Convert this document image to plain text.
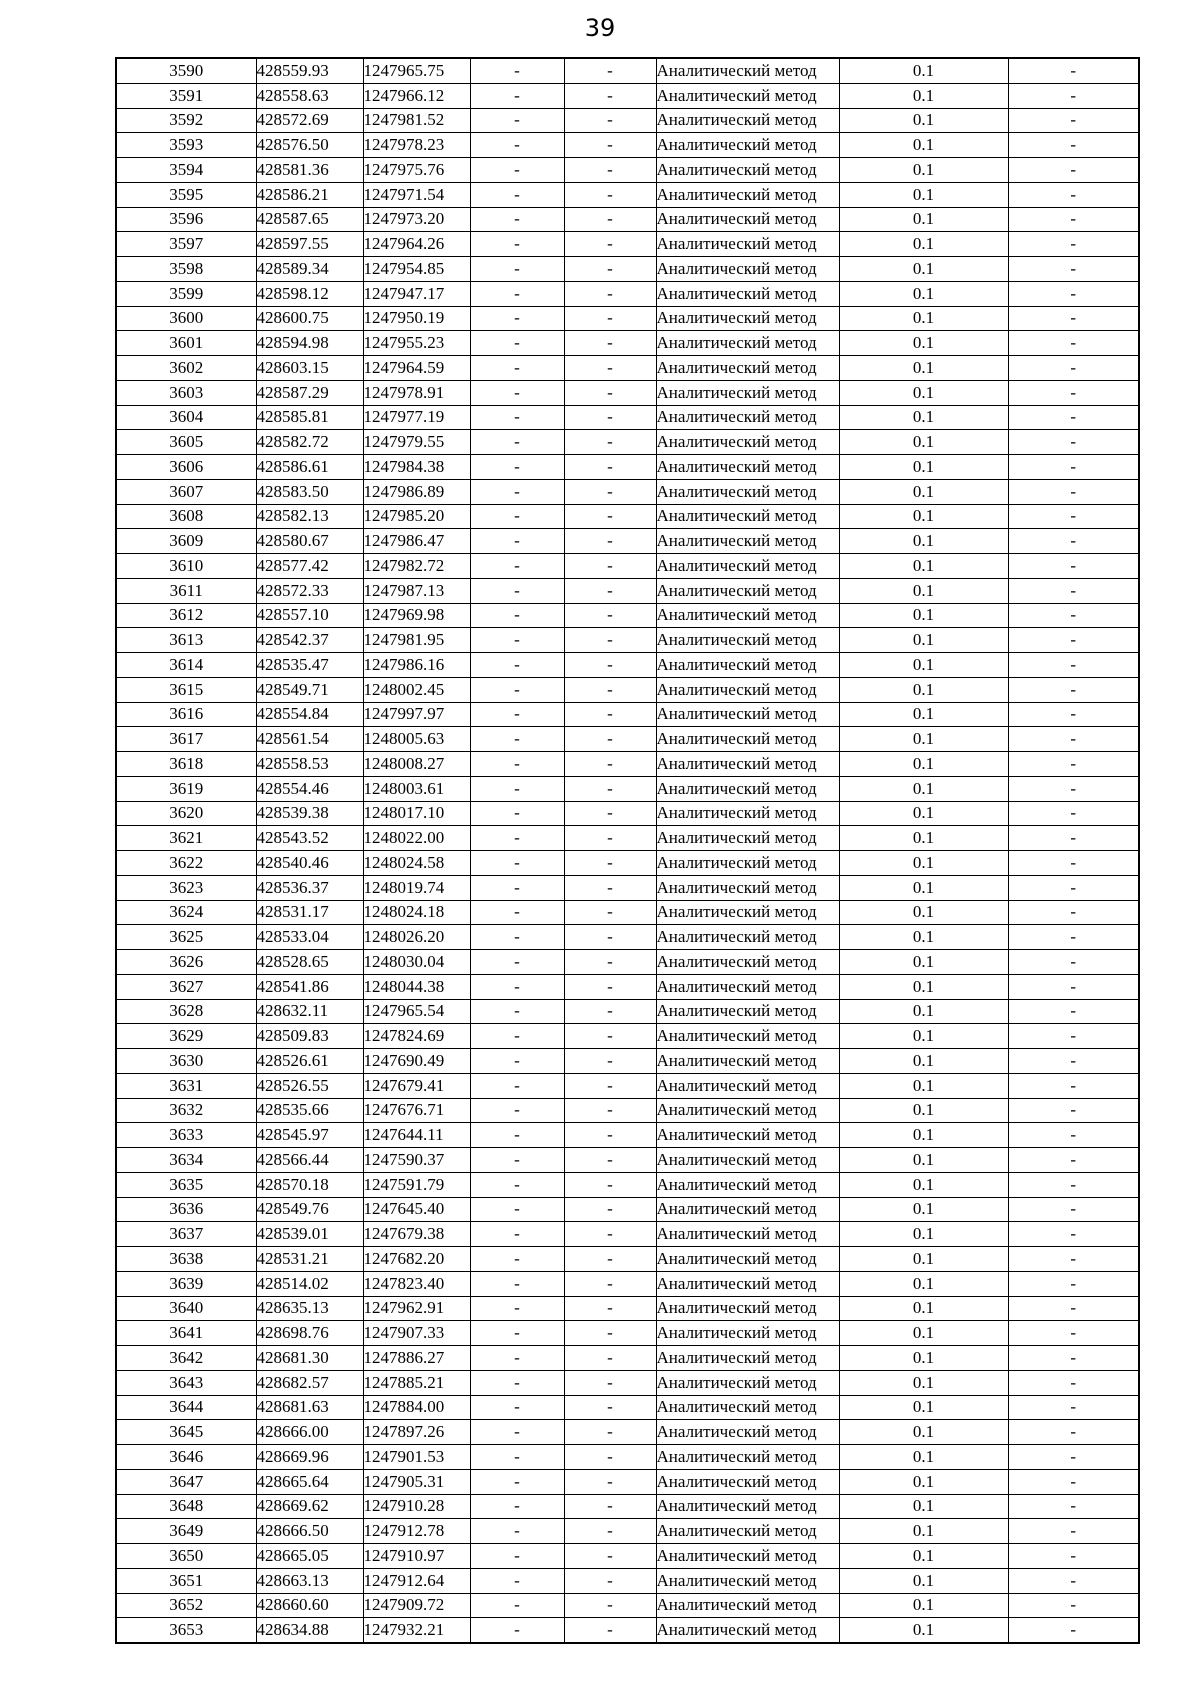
39
3590	428559.93	1247965.75	-	-	Аналитический метод	0.1	-
3591	428558.63	1247966.12	-	-	Аналитический метод	0.1	-
3592	428572.69	1247981.52	-	-	Аналитический метод	0.1	-
3593	428576.50	1247978.23	-	-	Аналитический метод	0.1	-
3594	428581.36	1247975.76	-	-	Аналитический метод	0.1	-
3595	428586.21	1247971.54	-	-	Аналитический метод	0.1	-
3596	428587.65	1247973.20	-	-	Аналитический метод	0.1	-
3597	428597.55	1247964.26	-	-	Аналитический метод	0.1	-
3598	428589.34	1247954.85	-	-	Аналитический метод	0.1	-
3599	428598.12	1247947.17	-	-	Аналитический метод	0.1	-
3600	428600.75	1247950.19	-	-	Аналитический метод	0.1	-
3601	428594.98	1247955.23	-	-	Аналитический метод	0.1	-
3602	428603.15	1247964.59	-	-	Аналитический метод	0.1	-
3603	428587.29	1247978.91	-	-	Аналитический метод	0.1	-
3604	428585.81	1247977.19	-	-	Аналитический метод	0.1	-
3605	428582.72	1247979.55	-	-	Аналитический метод	0.1	-
3606	428586.61	1247984.38	-	-	Аналитический метод	0.1	-
3607	428583.50	1247986.89	-	-	Аналитический метод	0.1	-
3608	428582.13	1247985.20	-	-	Аналитический метод	0.1	-
3609	428580.67	1247986.47	-	-	Аналитический метод	0.1	-
3610	428577.42	1247982.72	-	-	Аналитический метод	0.1	-
3611	428572.33	1247987.13	-	-	Аналитический метод	0.1	-
3612	428557.10	1247969.98	-	-	Аналитический метод	0.1	-
3613	428542.37	1247981.95	-	-	Аналитический метод	0.1	-
3614	428535.47	1247986.16	-	-	Аналитический метод	0.1	-
3615	428549.71	1248002.45	-	-	Аналитический метод	0.1	-
3616	428554.84	1247997.97	-	-	Аналитический метод	0.1	-
3617	428561.54	1248005.63	-	-	Аналитический метод	0.1	-
3618	428558.53	1248008.27	-	-	Аналитический метод	0.1	-
3619	428554.46	1248003.61	-	-	Аналитический метод	0.1	-
3620	428539.38	1248017.10	-	-	Аналитический метод	0.1	-
3621	428543.52	1248022.00	-	-	Аналитический метод	0.1	-
3622	428540.46	1248024.58	-	-	Аналитический метод	0.1	-
3623	428536.37	1248019.74	-	-	Аналитический метод	0.1	-
3624	428531.17	1248024.18	-	-	Аналитический метод	0.1	-
3625	428533.04	1248026.20	-	-	Аналитический метод	0.1	-
3626	428528.65	1248030.04	-	-	Аналитический метод	0.1	-
3627	428541.86	1248044.38	-	-	Аналитический метод	0.1	-
3628	428632.11	1247965.54	-	-	Аналитический метод	0.1	-
3629	428509.83	1247824.69	-	-	Аналитический метод	0.1	-
3630	428526.61	1247690.49	-	-	Аналитический метод	0.1	-
3631	428526.55	1247679.41	-	-	Аналитический метод	0.1	-
3632	428535.66	1247676.71	-	-	Аналитический метод	0.1	-
3633	428545.97	1247644.11	-	-	Аналитический метод	0.1	-
3634	428566.44	1247590.37	-	-	Аналитический метод	0.1	-
3635	428570.18	1247591.79	-	-	Аналитический метод	0.1	-
3636	428549.76	1247645.40	-	-	Аналитический метод	0.1	-
3637	428539.01	1247679.38	-	-	Аналитический метод	0.1	-
3638	428531.21	1247682.20	-	-	Аналитический метод	0.1	-
3639	428514.02	1247823.40	-	-	Аналитический метод	0.1	-
3640	428635.13	1247962.91	-	-	Аналитический метод	0.1	-
3641	428698.76	1247907.33	-	-	Аналитический метод	0.1	-
3642	428681.30	1247886.27	-	-	Аналитический метод	0.1	-
3643	428682.57	1247885.21	-	-	Аналитический метод	0.1	-
3644	428681.63	1247884.00	-	-	Аналитический метод	0.1	-
3645	428666.00	1247897.26	-	-	Аналитический метод	0.1	-
3646	428669.96	1247901.53	-	-	Аналитический метод	0.1	-
3647	428665.64	1247905.31	-	-	Аналитический метод	0.1	-
3648	428669.62	1247910.28	-	-	Аналитический метод	0.1	-
3649	428666.50	1247912.78	-	-	Аналитический метод	0.1	-
3650	428665.05	1247910.97	-	-	Аналитический метод	0.1	-
3651	428663.13	1247912.64	-	-	Аналитический метод	0.1	-
3652	428660.60	1247909.72	-	-	Аналитический метод	0.1	-
3653	428634.88	1247932.21	-	-	Аналитический метод	0.1	-
